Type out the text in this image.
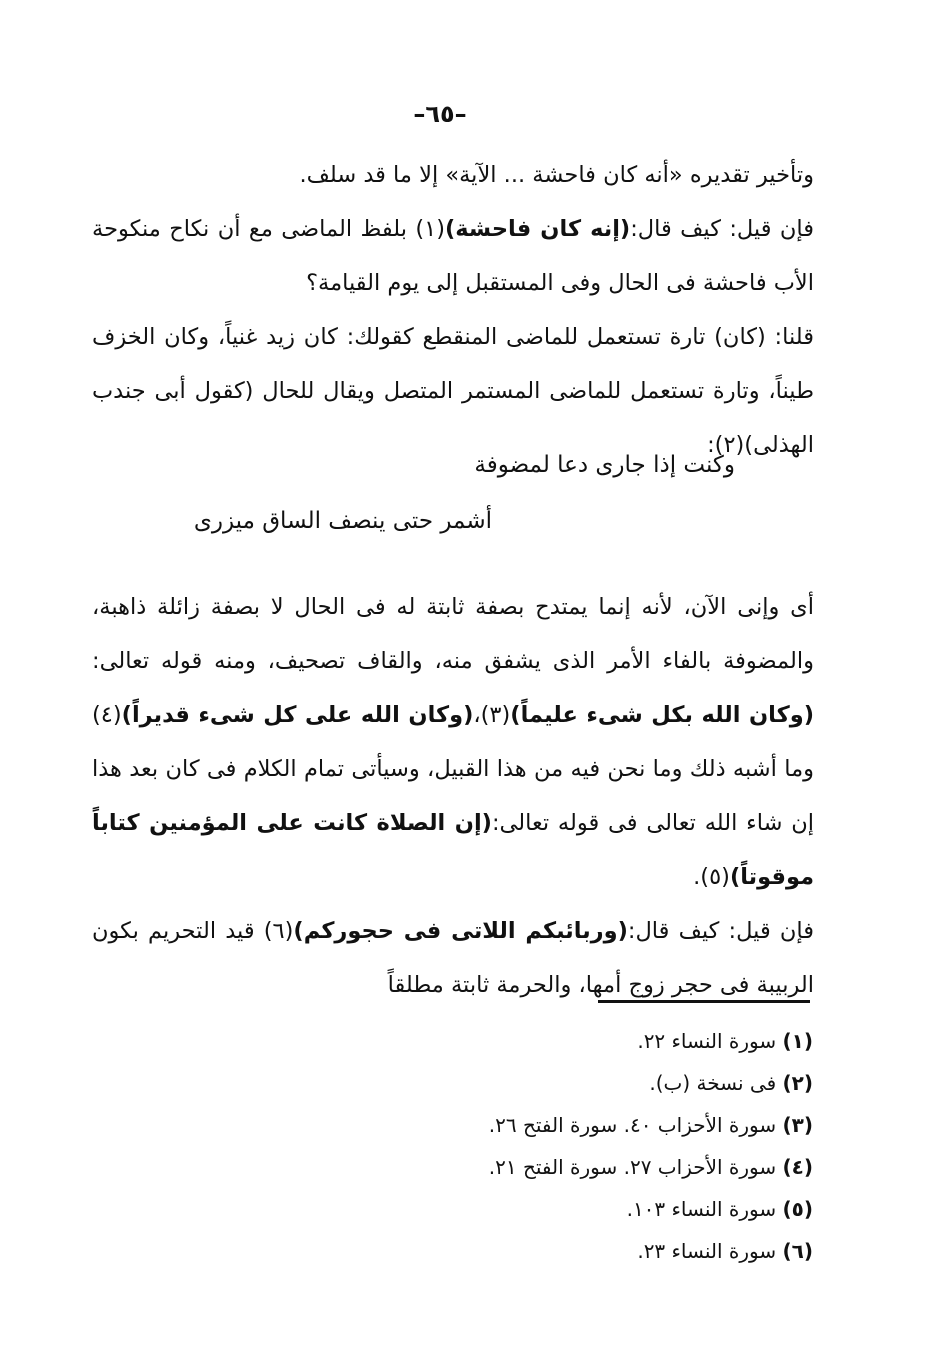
–٦٥–

وتأخير تقديره «أنه كان فاحشة ... الآية» إلا ما قد سلف.

فإن قيل: كيف قال:(إنه كان فاحشة)(١) بلفظ الماضى مع أن نكاح منكوحة الأب فاحشة فى الحال وفى المستقبل إلى يوم القيامة؟

قلنا: (كان) تارة تستعمل للماضى المنقطع كقولك: كان زيد غنياً، وكان الخزف طيناً، وتارة تستعمل للماضى المستمر المتصل ويقال للحال (كقول أبى جندب الهذلى)(٢):

أى وإنى الآن، لأنه إنما يمتدح بصفة ثابتة له فى الحال لا بصفة زائلة ذاهبة، والمضوفة بالفاء الأمر الذى يشفق منه، والقاف تصحيف، ومنه قوله تعالى:(وكان الله بكل شىء عليماً)(٣)،(وكان الله على كل شىء قديراً)(٤) وما أشبه ذلك وما نحن فيه من هذا القبيل، وسيأتى تمام الكلام فى كان بعد هذا إن شاء الله تعالى فى قوله تعالى:(إن الصلاة كانت على المؤمنين كتاباً موقوتاً)(٥).

فإن قيل: كيف قال:(وربائبكم اللاتى فى حجوركم)(٦) قيد التحريم بكون الربيبة فى حجر زوج أمها، والحرمة ثابتة مطلقاً

وكنت إذا جارى دعا لمضوفة
أشمر حتى ينصف الساق ميزرى
(١) سورة النساء ٢٢.
(٢) فى نسخة (ب).
(٣) سورة الأحزاب ٤٠. سورة الفتح ٢٦.
(٤) سورة الأحزاب ٢٧. سورة الفتح ٢١.
(٥) سورة النساء ١٠٣.
(٦) سورة النساء ٢٣.
